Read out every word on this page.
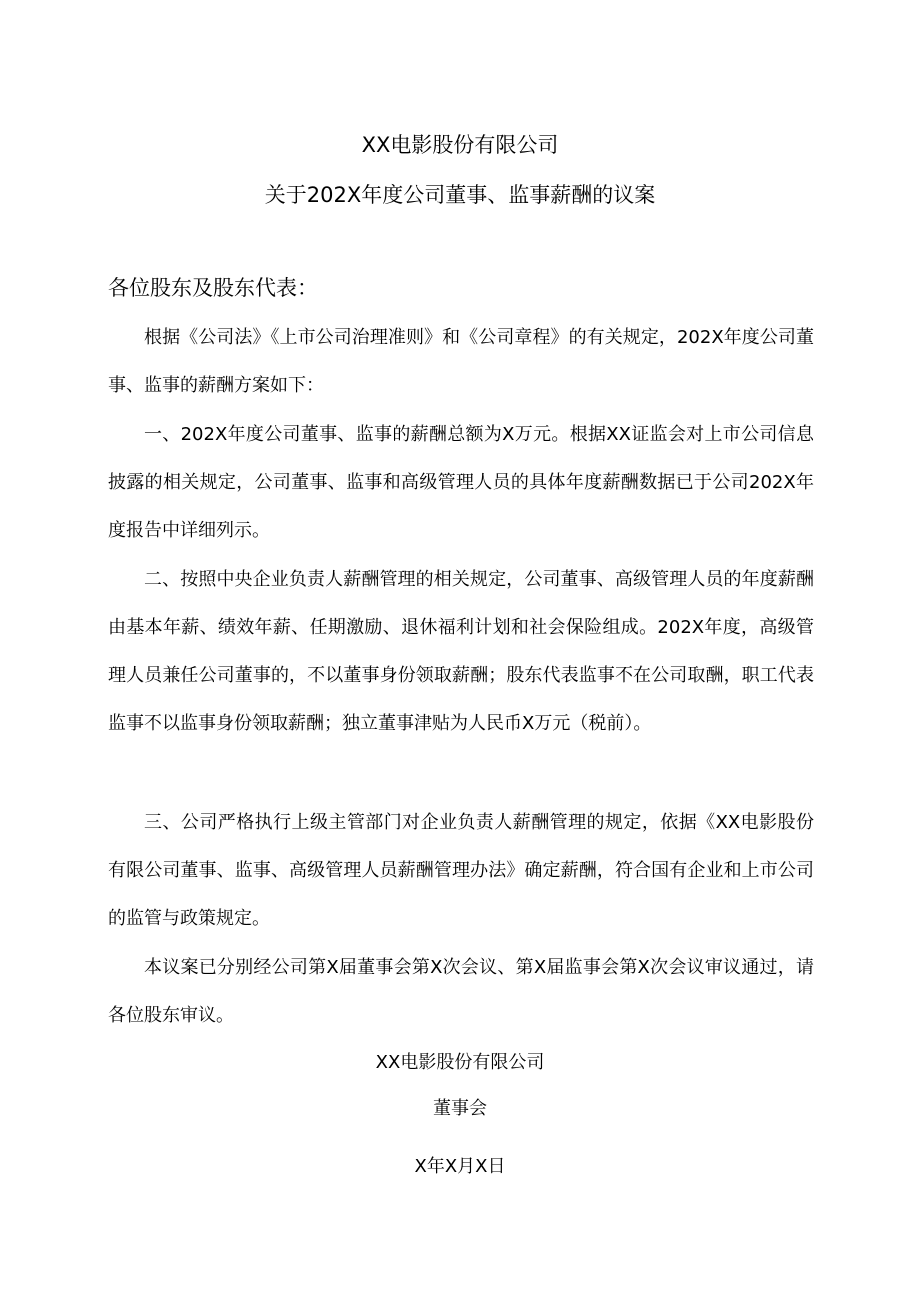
XX电影股份有限公司
关于202X年度公司董事、监事薪酬的议案
各位股东及股东代表：

根据《公司法》《上市公司治理准则》和《公司章程》的有关规定，202X年度公司董事、监事的薪酬方案如下：

一、202X年度公司董事、监事的薪酬总额为X万元。根据XX证监会对上市公司信息披露的相关规定，公司董事、监事和高级管理人员的具体年度薪酬数据已于公司202X年度报告中详细列示。

二、按照中央企业负责人薪酬管理的相关规定，公司董事、高级管理人员的年度薪酬由基本年薪、绩效年薪、任期激励、退休福利计划和社会保险组成。202X年度，高级管理人员兼任公司董事的，不以董事身份领取薪酬；股东代表监事不在公司取酬，职工代表监事不以监事身份领取薪酬；独立董事津贴为人民币X万元（税前）。

三、公司严格执行上级主管部门对企业负责人薪酬管理的规定，依据《XX电影股份有限公司董事、监事、高级管理人员薪酬管理办法》确定薪酬，符合国有企业和上市公司的监管与政策规定。

本议案已分别经公司第X届董事会第X次会议、第X届监事会第X次会议审议通过，请各位股东审议。

XX电影股份有限公司
董事会
X年X月X日
